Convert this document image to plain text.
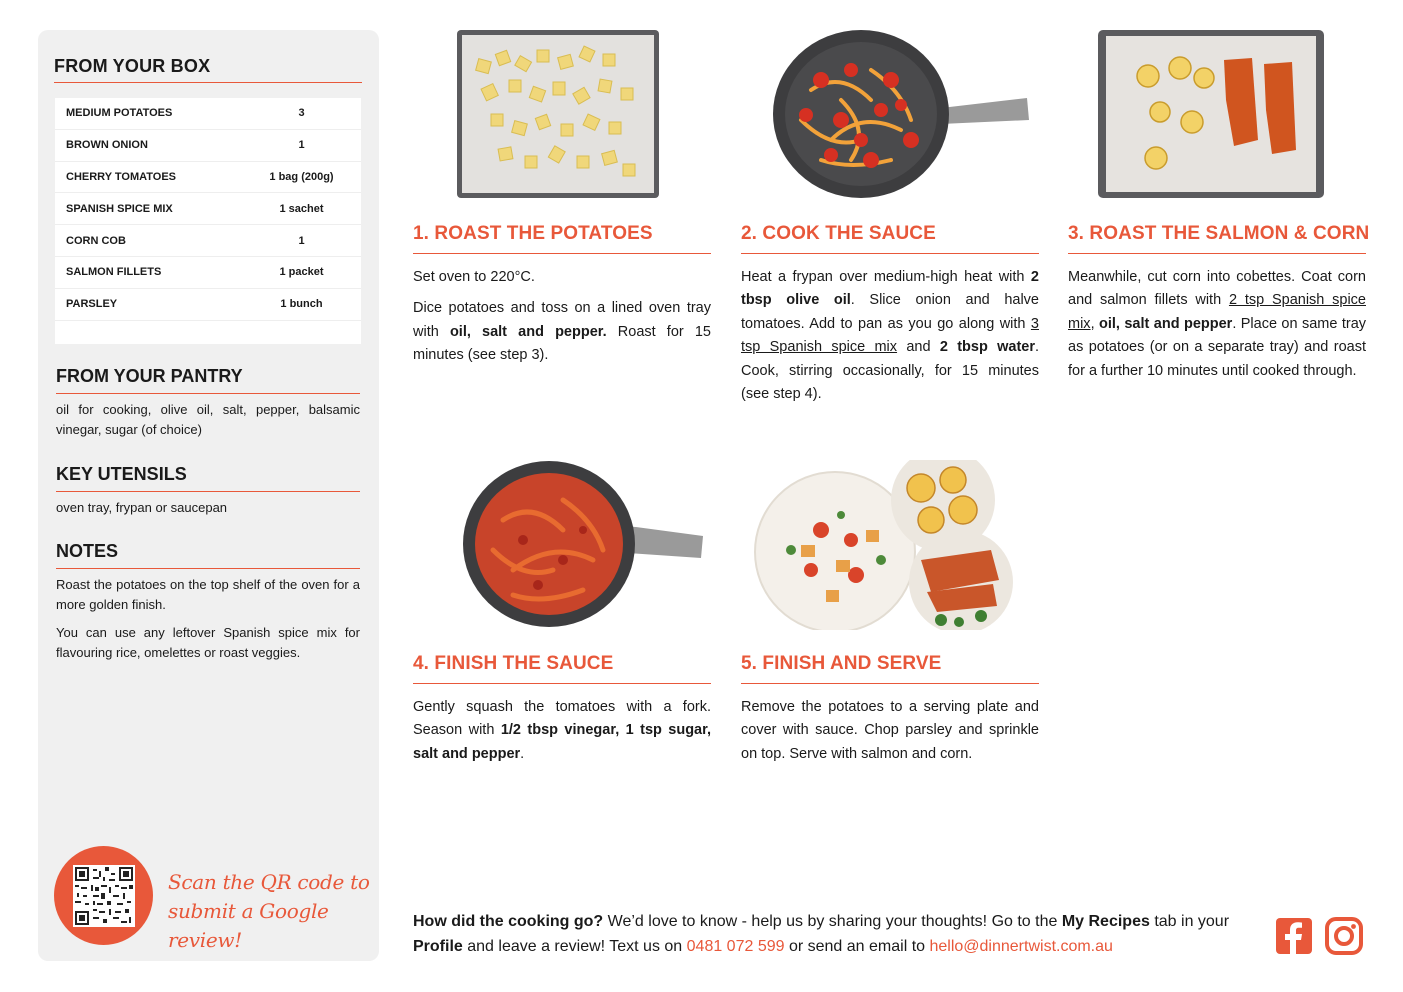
FROM YOUR BOX
MEDIUM POTATOES	3
BROWN ONION	1
CHERRY TOMATOES	1 bag (200g)
SPANISH SPICE MIX	1 sachet
CORN COB	1
SALMON FILLETS	1 packet
PARSLEY	1 bunch
FROM YOUR PANTRY
oil for cooking, olive oil, salt, pepper, balsamic vinegar, sugar (of choice)
KEY UTENSILS
oven tray, frypan or saucepan
NOTES

Roast the potatoes on the top shelf of the oven for a more golden finish.

You can use any leftover Spanish spice mix for flavouring rice, omelettes or roast veggies.

Scan the QR code to
submit a Google review!
1. ROAST THE POTATOES

Set oven to 220°C.

Dice potatoes and toss on a lined oven tray with oil, salt and pepper. Roast for 15 minutes (see step 3).

2. COOK THE SAUCE

Heat a frypan over medium-high heat with 2 tbsp olive oil. Slice onion and halve tomatoes. Add to pan as you go along with 3 tsp Spanish spice mix and 2 tbsp water. Cook, stirring occasionally, for 15 minutes (see step 4).

3. ROAST THE SALMON & CORN

Meanwhile, cut corn into cobettes. Coat corn and salmon fillets with 2 tsp Spanish spice mix, oil, salt and pepper. Place on same tray as potatoes (or on a separate tray) and roast for a further 10 minutes until cooked through.

4. FINISH THE SAUCE

Gently squash the tomatoes with a fork. Season with 1/2 tbsp vinegar, 1 tsp sugar, salt and pepper.

5. FINISH AND SERVE

Remove the potatoes to a serving plate and cover with sauce. Chop parsley and sprinkle on top. Serve with salmon and corn.

How did the cooking go? We’d love to know - help us by sharing your thoughts! Go to the My Recipes tab in your Profile and leave a review! Text us on 0481 072 599 or send an email to hello@dinnertwist.com.au
